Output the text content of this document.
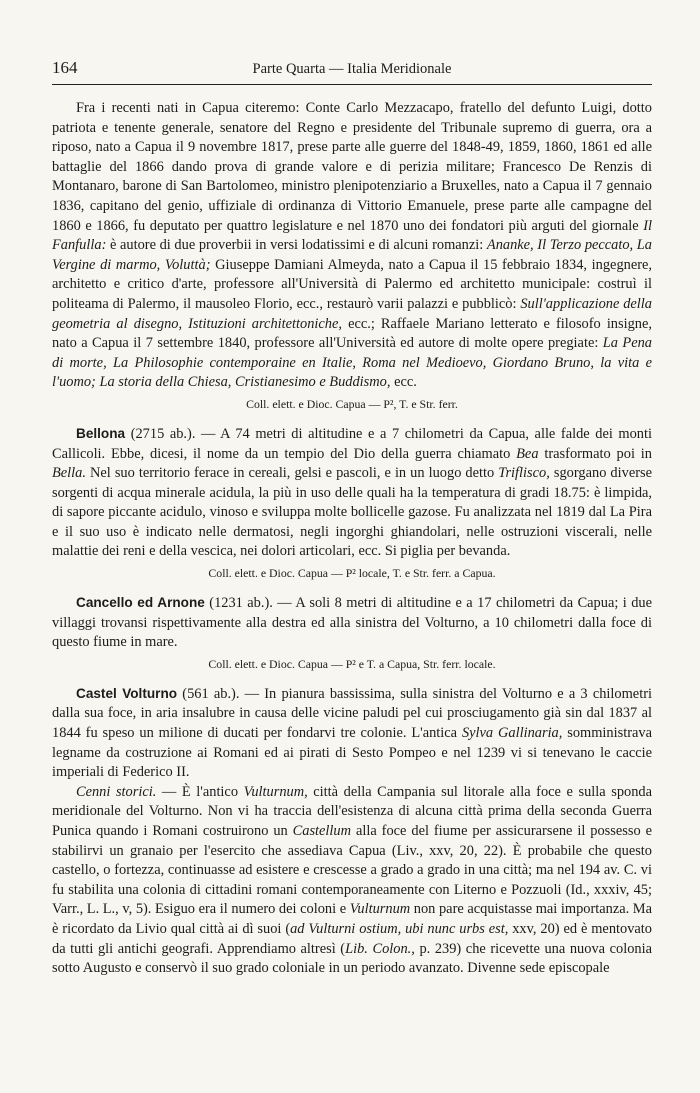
164	Parte Quarta — Italia Meridionale

Fra i recenti nati in Capua citeremo: Conte Carlo Mezzacapo, fratello del defunto Luigi, dotto patriota e tenente generale, senatore del Regno e presidente del Tribunale supremo di guerra, ora a riposo, nato a Capua il 9 novembre 1817, prese parte alle guerre del 1848-49, 1859, 1860, 1861 ed alle battaglie del 1866 dando prova di grande valore e di perizia militare; Francesco De Renzis di Montanaro, barone di San Bartolomeo, ministro plenipotenziario a Bruxelles, nato a Capua il 7 gennaio 1836, capitano del genio, uffiziale di ordinanza di Vittorio Emanuele, prese parte alle campagne del 1860 e 1866, fu deputato per quattro legislature e nel 1870 uno dei fondatori più arguti del giornale Il Fanfulla: è autore di due proverbii in versi lodatissimi e di alcuni romanzi: Ananke, Il Terzo peccato, La Vergine di marmo, Voluttà; Giuseppe Damiani Almeyda, nato a Capua il 15 febbraio 1834, ingegnere, architetto e critico d'arte, professore all'Università di Palermo ed architetto municipale: costruì il politeama di Palermo, il mausoleo Florio, ecc., restaurò varii palazzi e pubblicò: Sull'applicazione della geometria al disegno, Istituzioni architettoniche, ecc.; Raffaele Mariano letterato e filosofo insigne, nato a Capua il 7 settembre 1840, professore all'Università ed autore di molte opere pregiate: La Pena di morte, La Philosophie contemporaine en Italie, Roma nel Medioevo, Giordano Bruno, la vita e l'uomo; La storia della Chiesa, Cristianesimo e Buddismo, ecc.

Coll. elett. e Dioc. Capua — P², T. e Str. ferr.

Bellona (2715 ab.). — A 74 metri di altitudine e a 7 chilometri da Capua, alle falde dei monti Callicoli. Ebbe, dicesi, il nome da un tempio del Dio della guerra chiamato Bea trasformato poi in Bella. Nel suo territorio ferace in cereali, gelsi e pascoli, e in un luogo detto Triflisco, sgorgano diverse sorgenti di acqua minerale acidula, la più in uso delle quali ha la temperatura di gradi 18.75: è limpida, di sapore piccante acidulo, vinoso e sviluppa molte bollicelle gazose. Fu analizzata nel 1819 dal La Pira e il suo uso è indicato nelle dermatosi, negli ingorghi ghiandolari, nelle ostruzioni viscerali, nelle malattie dei reni e della vescica, nei dolori articolari, ecc. Si piglia per bevanda.

Coll. elett. e Dioc. Capua — P² locale, T. e Str. ferr. a Capua.

Cancello ed Arnone (1231 ab.). — A soli 8 metri di altitudine e a 17 chilometri da Capua; i due villaggi trovansi rispettivamente alla destra ed alla sinistra del Volturno, a 10 chilometri dalla foce di questo fiume in mare.

Coll. elett. e Dioc. Capua — P² e T. a Capua, Str. ferr. locale.

Castel Volturno (561 ab.). — In pianura bassissima, sulla sinistra del Volturno e a 3 chilometri dalla sua foce, in aria insalubre in causa delle vicine paludi pel cui prosciugamento già sin dal 1837 al 1844 fu speso un milione di ducati per fondarvi tre colonie. L'antica Sylva Gallinaria, somministrava legname da costruzione ai Romani ed ai pirati di Sesto Pompeo e nel 1239 vi si tenevano le caccie imperiali di Federico II.

Cenni storici. — È l'antico Vulturnum, città della Campania sul litorale alla foce e sulla sponda meridionale del Volturno. Non vi ha traccia dell'esistenza di alcuna città prima della seconda Guerra Punica quando i Romani costruirono un Castellum alla foce del fiume per assicurarsene il possesso e stabilirvi un granaio per l'esercito che assediava Capua (Liv., xxv, 20, 22). È probabile che questo castello, o fortezza, continuasse ad esistere e crescesse a grado a grado in una città; ma nel 194 av. C. vi fu stabilita una colonia di cittadini romani contemporaneamente con Literno e Pozzuoli (Id., xxxiv, 45; Varr., L. L., v, 5). Esiguo era il numero dei coloni e Vulturnum non pare acquistasse mai importanza. Ma è ricordato da Livio qual città ai dì suoi (ad Vulturni ostium, ubi nunc urbs est, xxv, 20) ed è mentovato da tutti gli antichi geografi. Apprendiamo altresì (Lib. Colon., p. 239) che ricevette una nuova colonia sotto Augusto e conservò il suo grado coloniale in un periodo avanzato. Divenne sede episcopale
